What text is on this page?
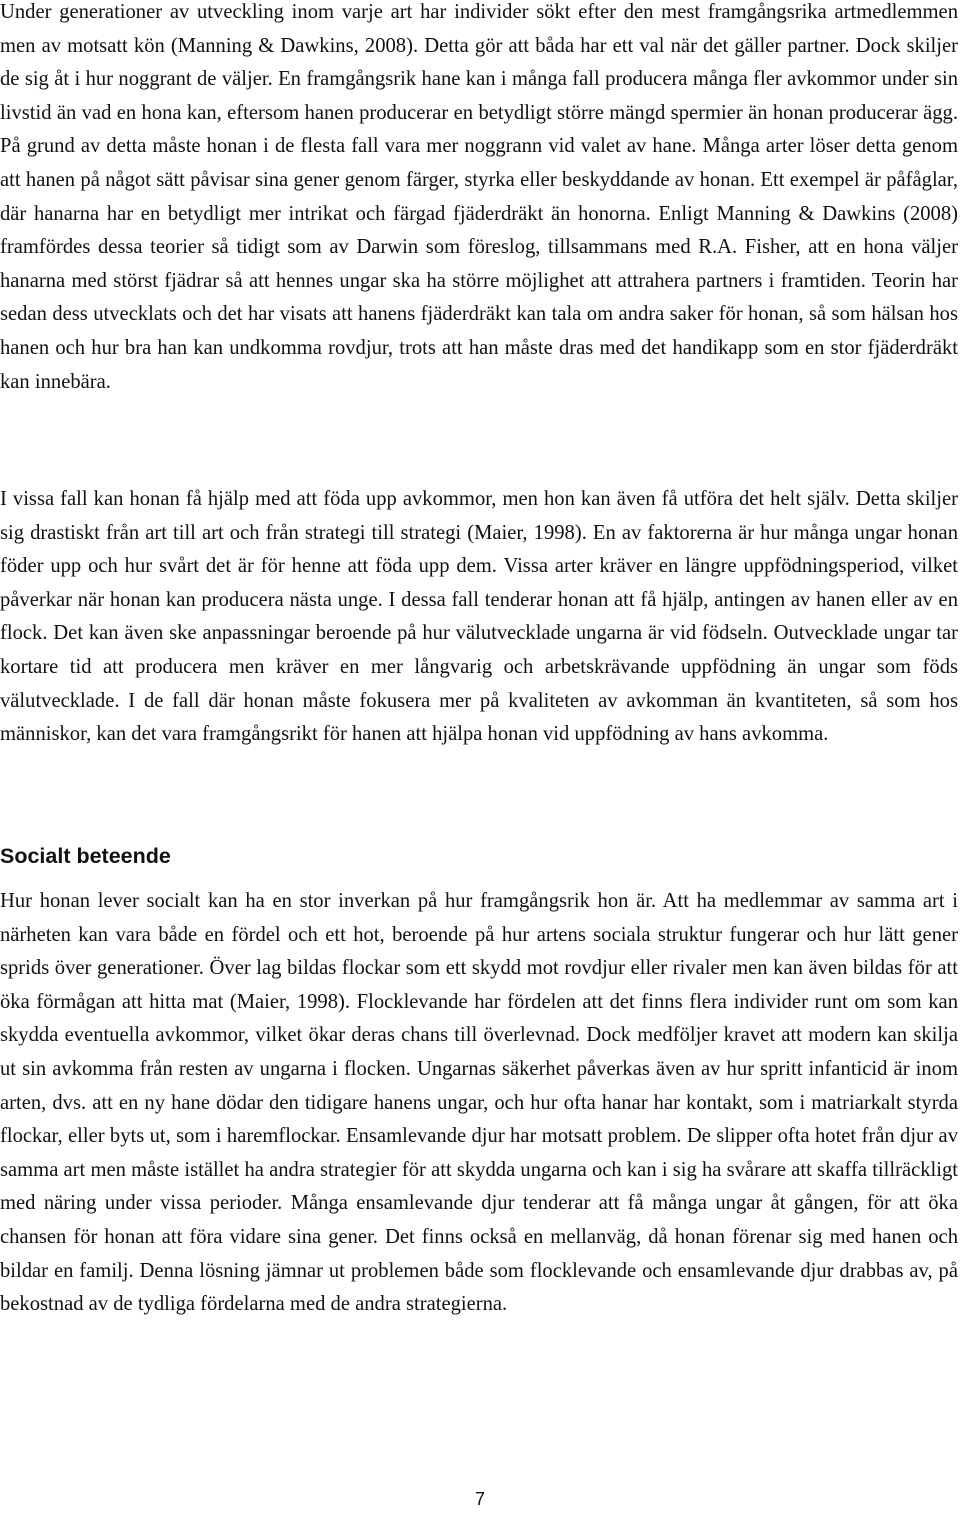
Under generationer av utveckling inom varje art har individer sökt efter den mest framgångsrika artmedlemmen men av motsatt kön (Manning & Dawkins, 2008). Detta gör att båda har ett val när det gäller partner. Dock skiljer de sig åt i hur noggrant de väljer. En framgångsrik hane kan i många fall producera många fler avkommor under sin livstid än vad en hona kan, eftersom hanen producerar en betydligt större mängd spermier än honan producerar ägg. På grund av detta måste honan i de flesta fall vara mer noggrann vid valet av hane. Många arter löser detta genom att hanen på något sätt påvisar sina gener genom färger, styrka eller beskyddande av honan. Ett exempel är påfåglar, där hanarna har en betydligt mer intrikat och färgad fjäderdräkt än honorna. Enligt Manning & Dawkins (2008) framfördes dessa teorier så tidigt som av Darwin som föreslog, tillsammans med R.A. Fisher, att en hona väljer hanarna med störst fjädrar så att hennes ungar ska ha större möjlighet att attrahera partners i framtiden. Teorin har sedan dess utvecklats och det har visats att hanens fjäderdräkt kan tala om andra saker för honan, så som hälsan hos hanen och hur bra han kan undkomma rovdjur, trots att han måste dras med det handikapp som en stor fjäderdräkt kan innebära.

I vissa fall kan honan få hjälp med att föda upp avkommor, men hon kan även få utföra det helt själv. Detta skiljer sig drastiskt från art till art och från strategi till strategi (Maier, 1998). En av faktorerna är hur många ungar honan föder upp och hur svårt det är för henne att föda upp dem. Vissa arter kräver en längre uppfödningsperiod, vilket påverkar när honan kan producera nästa unge. I dessa fall tenderar honan att få hjälp, antingen av hanen eller av en flock. Det kan även ske anpassningar beroende på hur välutvecklade ungarna är vid födseln. Outvecklade ungar tar kortare tid att producera men kräver en mer långvarig och arbetskrävande uppfödning än ungar som föds välutvecklade. I de fall där honan måste fokusera mer på kvaliteten av avkomman än kvantiteten, så som hos människor, kan det vara framgångsrikt för hanen att hjälpa honan vid uppfödning av hans avkomma.

Socialt beteende

Hur honan lever socialt kan ha en stor inverkan på hur framgångsrik hon är. Att ha medlemmar av samma art i närheten kan vara både en fördel och ett hot, beroende på hur artens sociala struktur fungerar och hur lätt gener sprids över generationer. Över lag bildas flockar som ett skydd mot rovdjur eller rivaler men kan även bildas för att öka förmågan att hitta mat (Maier, 1998). Flocklevande har fördelen att det finns flera individer runt om som kan skydda eventuella avkommor, vilket ökar deras chans till överlevnad. Dock medföljer kravet att modern kan skilja ut sin avkomma från resten av ungarna i flocken. Ungarnas säkerhet påverkas även av hur spritt infanticid är inom arten, dvs. att en ny hane dödar den tidigare hanens ungar, och hur ofta hanar har kontakt, som i matriarkalt styrda flockar, eller byts ut, som i haremflockar. Ensamlevande djur har motsatt problem. De slipper ofta hotet från djur av samma art men måste istället ha andra strategier för att skydda ungarna och kan i sig ha svårare att skaffa tillräckligt med näring under vissa perioder. Många ensamlevande djur tenderar att få många ungar åt gången, för att öka chansen för honan att föra vidare sina gener. Det finns också en mellanväg, då honan förenar sig med hanen och bildar en familj. Denna lösning jämnar ut problemen både som flocklevande och ensamlevande djur drabbas av, på bekostnad av de tydliga fördelarna med de andra strategierna.

7
